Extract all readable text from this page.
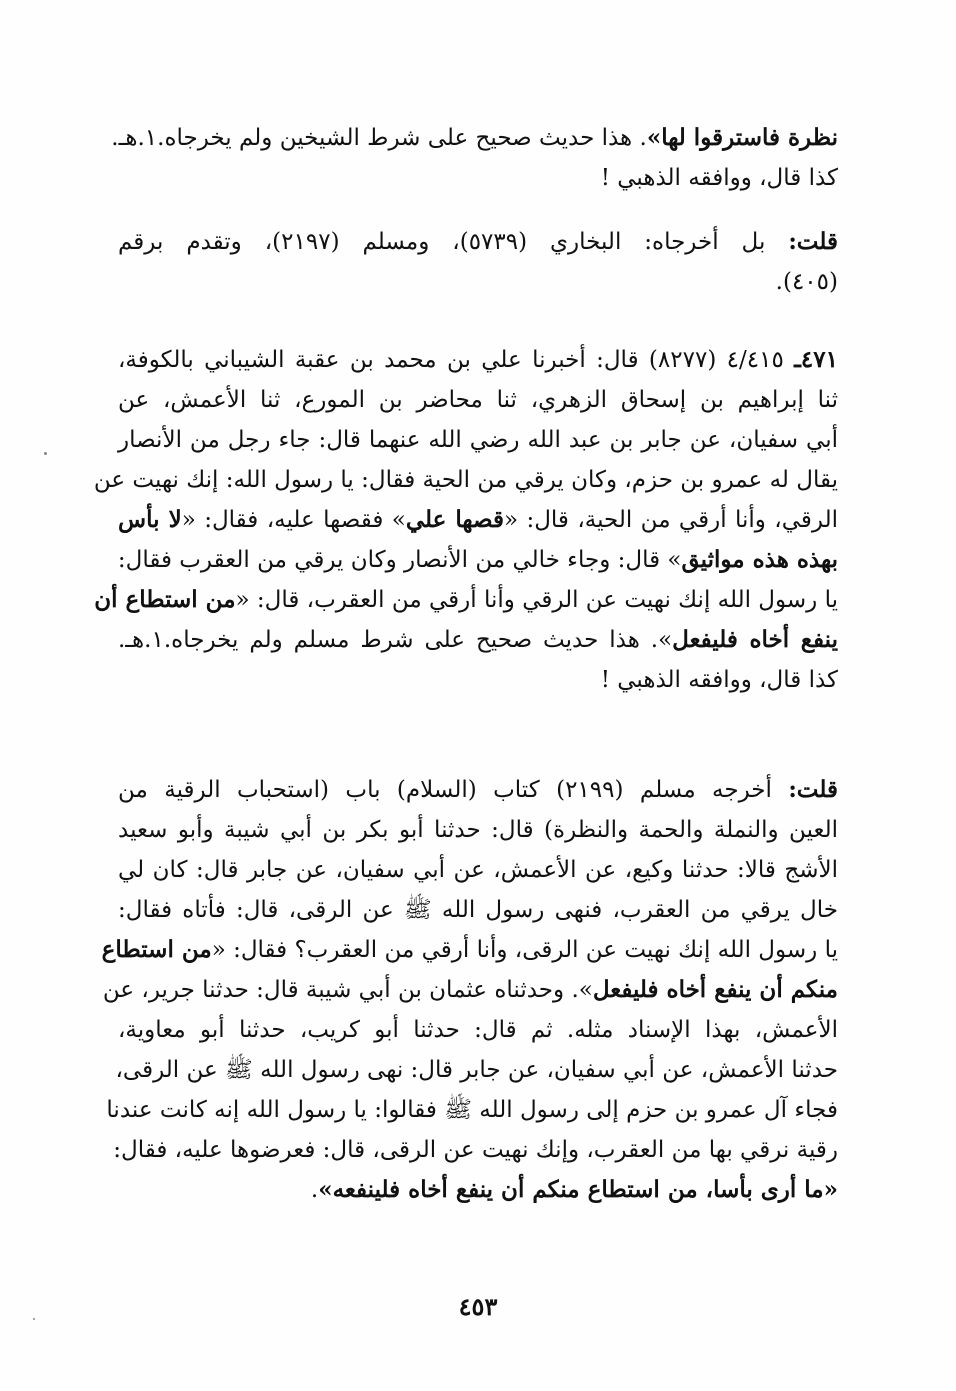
نظرة فاسترقوا لها». هذا حديث صحيح على شرط الشيخين ولم يخرجاه.١.هـ.
كذا قال، ووافقه الذهبي !
قلت: بل أخرجاه: البخاري (٥٧٣٩)، ومسلم (٢١٩٧)، وتقدم برقم
(٤٠٥).
٤٧١ـ ٤/٤١٥ (٨٢٧٧) قال: أخبرنا علي بن محمد بن عقبة الشيباني بالكوفة،
ثنا إبراهيم بن إسحاق الزهري، ثنا محاضر بن المورع، ثنا الأعمش، عن
أبي سفيان، عن جابر بن عبد الله رضي الله عنهما قال: جاء رجل من الأنصار
يقال له عمرو بن حزم، وكان يرقي من الحية فقال: يا رسول الله: إنك نهيت عن
الرقي، وأنا أرقي من الحية، قال: «قصها علي» فقصها عليه، فقال: «لا بأس
بهذه هذه مواثيق» قال: وجاء خالي من الأنصار وكان يرقي من العقرب فقال:
يا رسول الله إنك نهيت عن الرقي وأنا أرقي من العقرب، قال: «من استطاع أن
ينفع أخاه فليفعل». هذا حديث صحيح على شرط مسلم ولم يخرجاه.١.هـ.
كذا قال، ووافقه الذهبي !
قلت: أخرجه مسلم (٢١٩٩) كتاب (السلام) باب (استحباب الرقية من
العين والنملة والحمة والنظرة) قال: حدثنا أبو بكر بن أبي شيبة وأبو سعيد
الأشج قالا: حدثنا وكيع، عن الأعمش، عن أبي سفيان، عن جابر قال: كان لي
خال يرقي من العقرب، فنهى رسول الله ﷺ عن الرقى، قال: فأتاه فقال:
يا رسول الله إنك نهيت عن الرقى، وأنا أرقي من العقرب؟ فقال: «من استطاع
منكم أن ينفع أخاه فليفعل». وحدثناه عثمان بن أبي شيبة قال: حدثنا جرير، عن
الأعمش، بهذا الإسناد مثله. ثم قال: حدثنا أبو كريب، حدثنا أبو معاوية،
حدثنا الأعمش، عن أبي سفيان، عن جابر قال: نهى رسول الله ﷺ عن الرقى،
فجاء آل عمرو بن حزم إلى رسول الله ﷺ فقالوا: يا رسول الله إنه كانت عندنا
رقية نرقي بها من العقرب، وإنك نهيت عن الرقى، قال: فعرضوها عليه، فقال:
«ما أرى بأسا، من استطاع منكم أن ينفع أخاه فلينفعه».
٤٥٣
